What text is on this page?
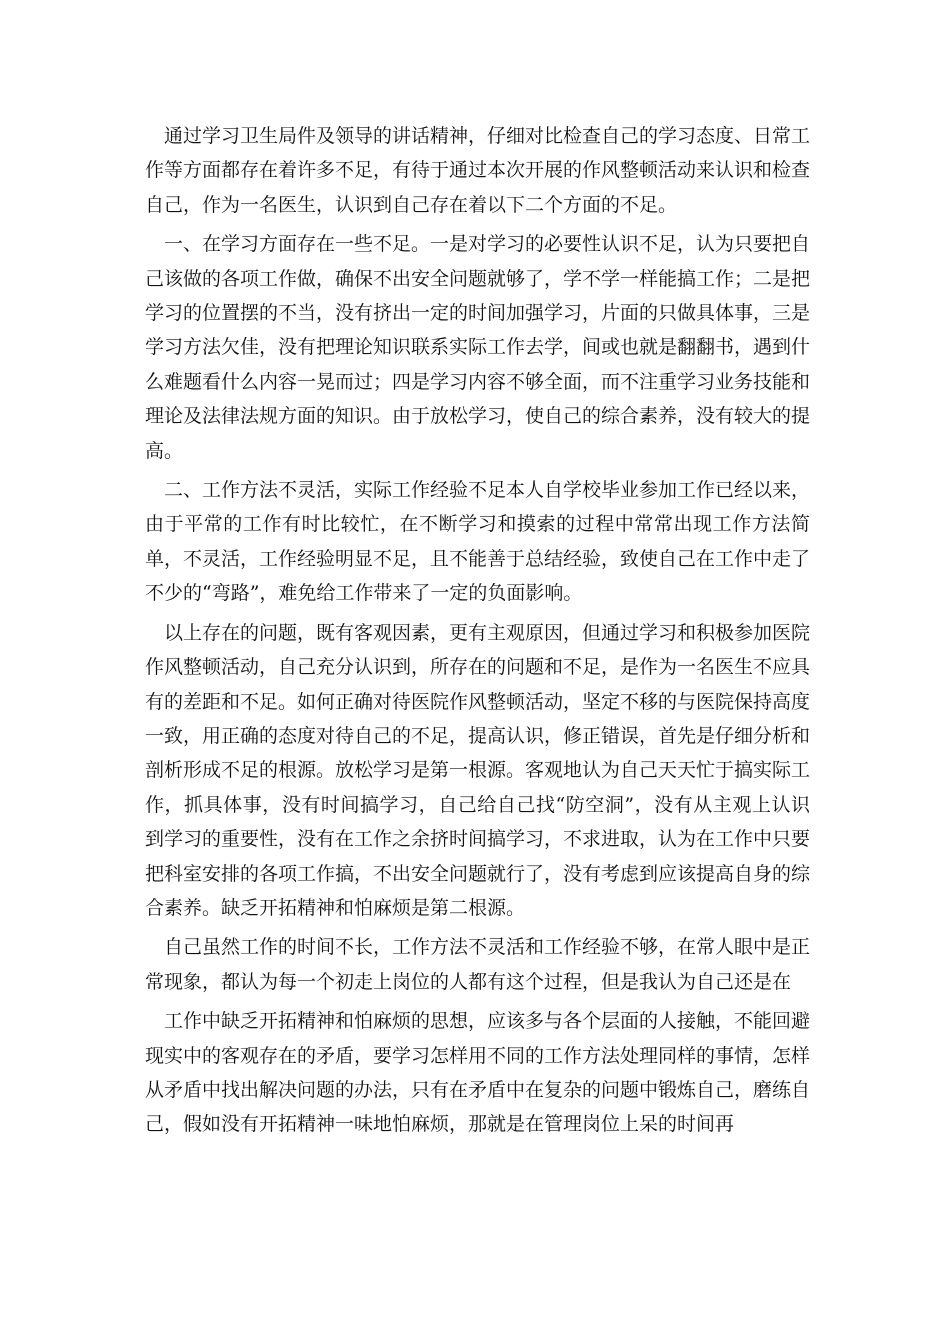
通过学习卫生局件及领导的讲话精神，仔细对比检查自己的学习态度、日常工作等方面都存在着许多不足，有待于通过本次开展的作风整顿活动来认识和检查自己，作为一名医生，认识到自己存在着以下二个方面的不足。

一、在学习方面存在一些不足。一是对学习的必要性认识不足，认为只要把自己该做的各项工作做，确保不出安全问题就够了，学不学一样能搞工作；二是把学习的位置摆的不当，没有挤出一定的时间加强学习，片面的只做具体事，三是学习方法欠佳，没有把理论知识联系实际工作去学，间或也就是翻翻书，遇到什么难题看什么内容一晃而过；四是学习内容不够全面，而不注重学习业务技能和理论及法律法规方面的知识。由于放松学习，使自己的综合素养，没有较大的提高。

二、工作方法不灵活，实际工作经验不足本人自学校毕业参加工作已经以来，由于平常的工作有时比较忙，在不断学习和摸索的过程中常常出现工作方法简单，不灵活，工作经验明显不足，且不能善于总结经验，致使自己在工作中走了不少的“弯路”，难免给工作带来了一定的负面影响。

以上存在的问题，既有客观因素，更有主观原因，但通过学习和积极参加医院作风整顿活动，自己充分认识到，所存在的问题和不足，是作为一名医生不应具有的差距和不足。如何正确对待医院作风整顿活动，坚定不移的与医院保持高度一致，用正确的态度对待自己的不足，提高认识，修正错误，首先是仔细分析和剖析形成不足的根源。放松学习是第一根源。客观地认为自己天天忙于搞实际工作，抓具体事，没有时间搞学习，自己给自己找“防空洞”，没有从主观上认识到学习的重要性，没有在工作之余挤时间搞学习，不求进取，认为在工作中只要把科室安排的各项工作搞，不出安全问题就行了，没有考虑到应该提高自身的综合素养。缺乏开拓精神和怕麻烦是第二根源。

自己虽然工作的时间不长，工作方法不灵活和工作经验不够，在常人眼中是正常现象，都认为每一个初走上岗位的人都有这个过程，但是我认为自己还是在

工作中缺乏开拓精神和怕麻烦的思想，应该多与各个层面的人接触，不能回避现实中的客观存在的矛盾，要学习怎样用不同的工作方法处理同样的事情，怎样从矛盾中找出解决问题的办法，只有在矛盾中在复杂的问题中锻炼自己，磨练自己，假如没有开拓精神一味地怕麻烦，那就是在管理岗位上呆的时间再
